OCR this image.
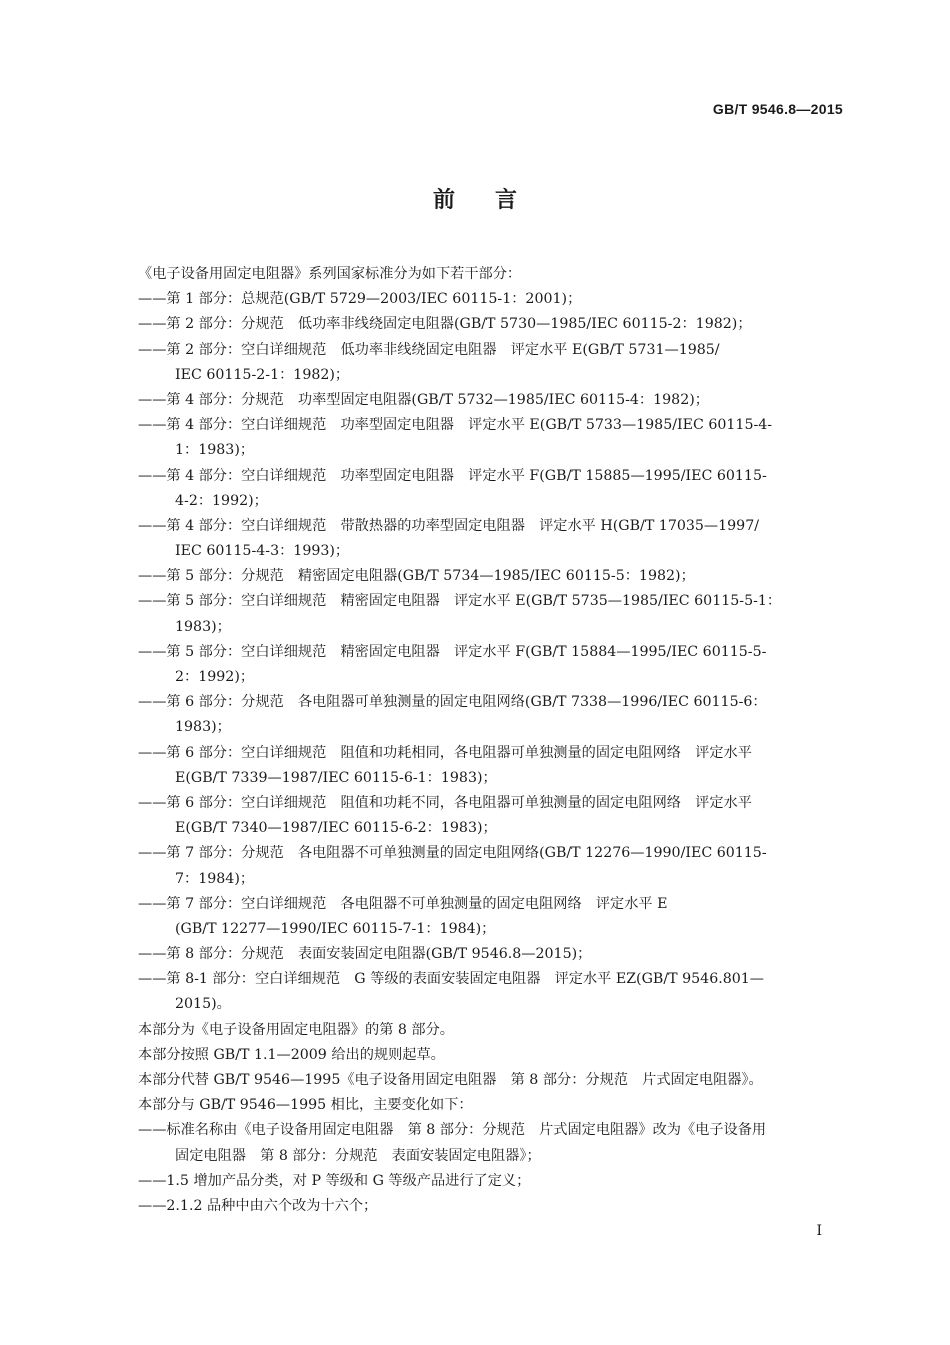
GB/T 9546.8—2015
前言
《电子设备用固定电阻器》系列国家标准分为如下若干部分：
——第 1 部分：总规范(GB/T 5729—2003/IEC 60115-1：2001)；
——第 2 部分：分规范　低功率非线绕固定电阻器(GB/T 5730—1985/IEC 60115-2：1982)；
——第 2 部分：空白详细规范　低功率非线绕固定电阻器　评定水平 E(GB/T 5731—1985/
IEC 60115-2-1：1982)；
——第 4 部分：分规范　功率型固定电阻器(GB/T 5732—1985/IEC 60115-4：1982)；
——第 4 部分：空白详细规范　功率型固定电阻器　评定水平 E(GB/T 5733—1985/IEC 60115-4-
1：1983)；
——第 4 部分：空白详细规范　功率型固定电阻器　评定水平 F(GB/T 15885—1995/IEC 60115-
4-2：1992)；
——第 4 部分：空白详细规范　带散热器的功率型固定电阻器　评定水平 H(GB/T 17035—1997/
IEC 60115-4-3：1993)；
——第 5 部分：分规范　精密固定电阻器(GB/T 5734—1985/IEC 60115-5：1982)；
——第 5 部分：空白详细规范　精密固定电阻器　评定水平 E(GB/T 5735—1985/IEC 60115-5-1：
1983)；
——第 5 部分：空白详细规范　精密固定电阻器　评定水平 F(GB/T 15884—1995/IEC 60115-5-
2：1992)；
——第 6 部分：分规范　各电阻器可单独测量的固定电阻网络(GB/T 7338—1996/IEC 60115-6：
1983)；
——第 6 部分：空白详细规范　阻值和功耗相同，各电阻器可单独测量的固定电阻网络　评定水平
E(GB/T 7339—1987/IEC 60115-6-1：1983)；
——第 6 部分：空白详细规范　阻值和功耗不同，各电阻器可单独测量的固定电阻网络　评定水平
E(GB/T 7340—1987/IEC 60115-6-2：1983)；
——第 7 部分：分规范　各电阻器不可单独测量的固定电阻网络(GB/T 12276—1990/IEC 60115-
7：1984)；
——第 7 部分：空白详细规范　各电阻器不可单独测量的固定电阻网络　评定水平 E
(GB/T 12277—1990/IEC 60115-7-1：1984)；
——第 8 部分：分规范　表面安装固定电阻器(GB/T 9546.8—2015)；
——第 8-1 部分：空白详细规范　G 等级的表面安装固定电阻器　评定水平 EZ(GB/T 9546.801—
2015)。
本部分为《电子设备用固定电阻器》的第 8 部分。
本部分按照 GB/T 1.1—2009 给出的规则起草。
本部分代替 GB/T 9546—1995《电子设备用固定电阻器　第 8 部分：分规范　片式固定电阻器》。
本部分与 GB/T 9546—1995 相比，主要变化如下：
——标准名称由《电子设备用固定电阻器　第 8 部分：分规范　片式固定电阻器》改为《电子设备用
固定电阻器　第 8 部分：分规范　表面安装固定电阻器》；
——1.5 增加产品分类，对 P 等级和 G 等级产品进行了定义；
——2.1.2 品种中由六个改为十六个；
I
